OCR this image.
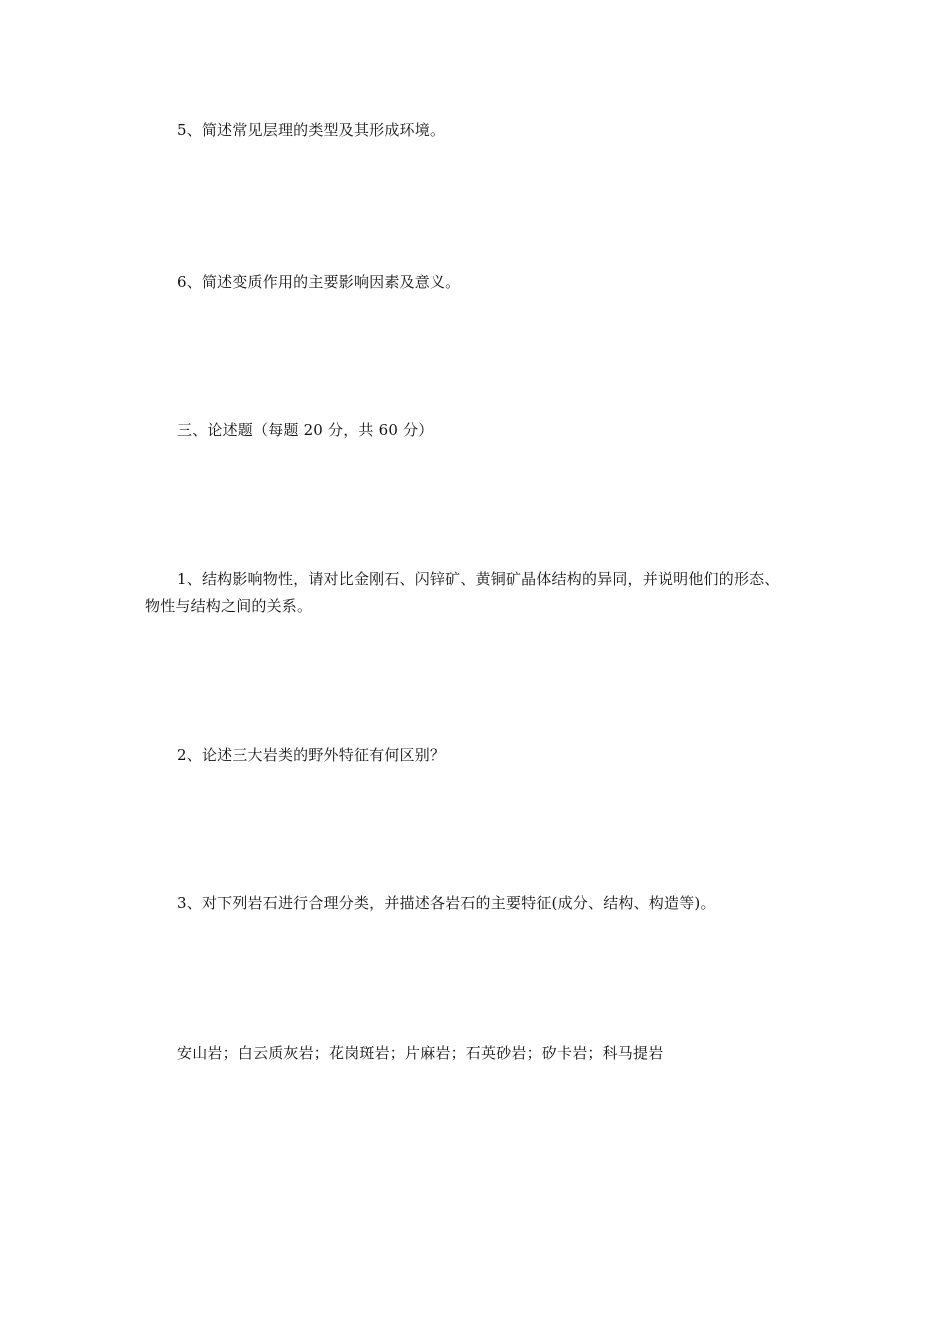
5、简述常见层理的类型及其形成环境。
6、简述变质作用的主要影响因素及意义。
三、论述题（每题 20 分，共 60 分）
1、结构影响物性，请对比金刚石、闪锌矿、黄铜矿晶体结构的异同，并说明他们的形态、
物性与结构之间的关系。
2、论述三大岩类的野外特征有何区别？
3、对下列岩石进行合理分类，并描述各岩石的主要特征(成分、结构、构造等)。
安山岩；白云质灰岩；花岗斑岩；片麻岩；石英砂岩；矽卡岩；科马提岩
